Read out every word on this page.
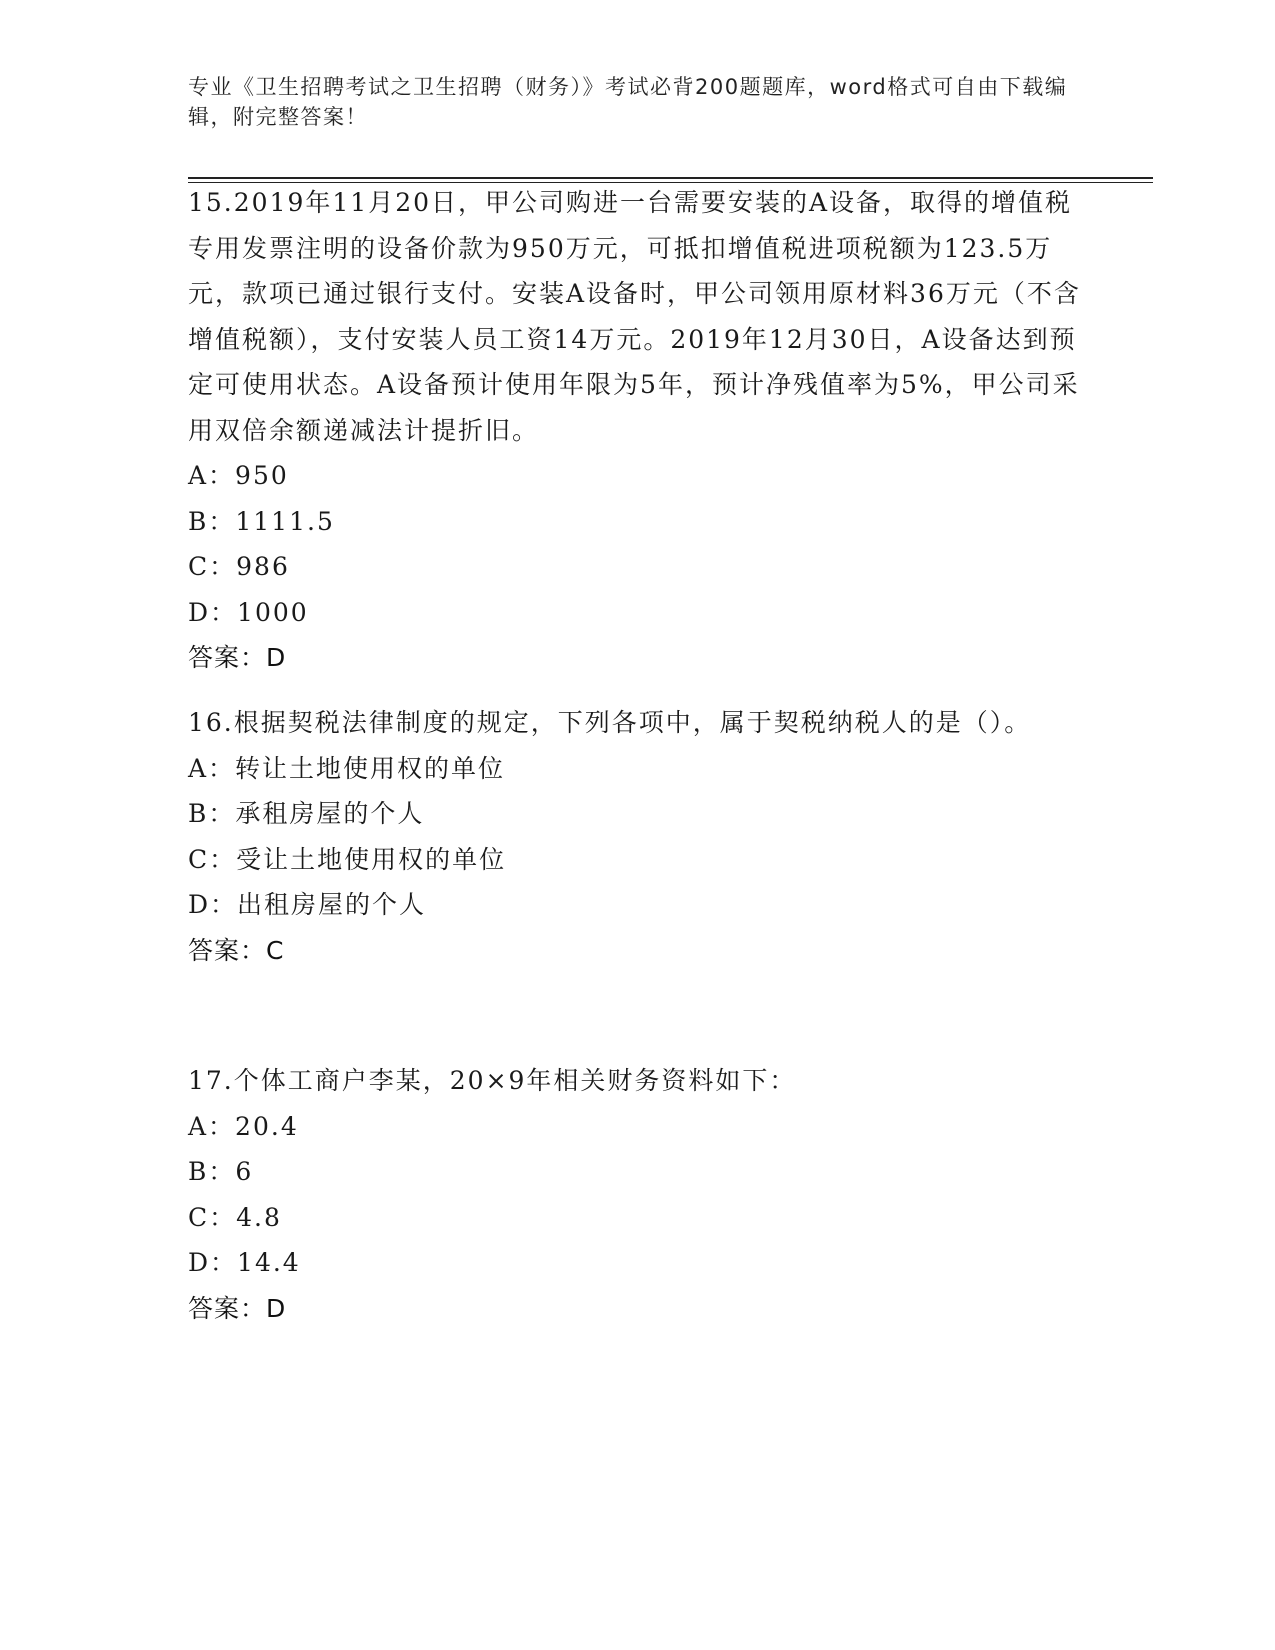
专业《卫生招聘考试之卫生招聘（财务）》考试必背200题题库，word格式可自由下载编辑，附完整答案！

15.2019年11月20日，甲公司购进一台需要安装的A设备，取得的增值税专用发票注明的设备价款为950万元，可抵扣增值税进项税额为123.5万元，款项已通过银行支付。安装A设备时，甲公司领用原材料36万元（不含增值税额），支付安装人员工资14万元。2019年12月30日，A设备达到预定可使用状态。A设备预计使用年限为5年，预计净残值率为5%，甲公司采用双倍余额递减法计提折旧。

A：950

B：1111.5

C：986

D：1000

答案：D

16.根据契税法律制度的规定，下列各项中，属于契税纳税人的是（）。

A：转让土地使用权的单位

B：承租房屋的个人

C：受让土地使用权的单位

D：出租房屋的个人

答案：C

17.个体工商户李某，20×9年相关财务资料如下：

A：20.4

B：6

C：4.8

D：14.4

答案：D
